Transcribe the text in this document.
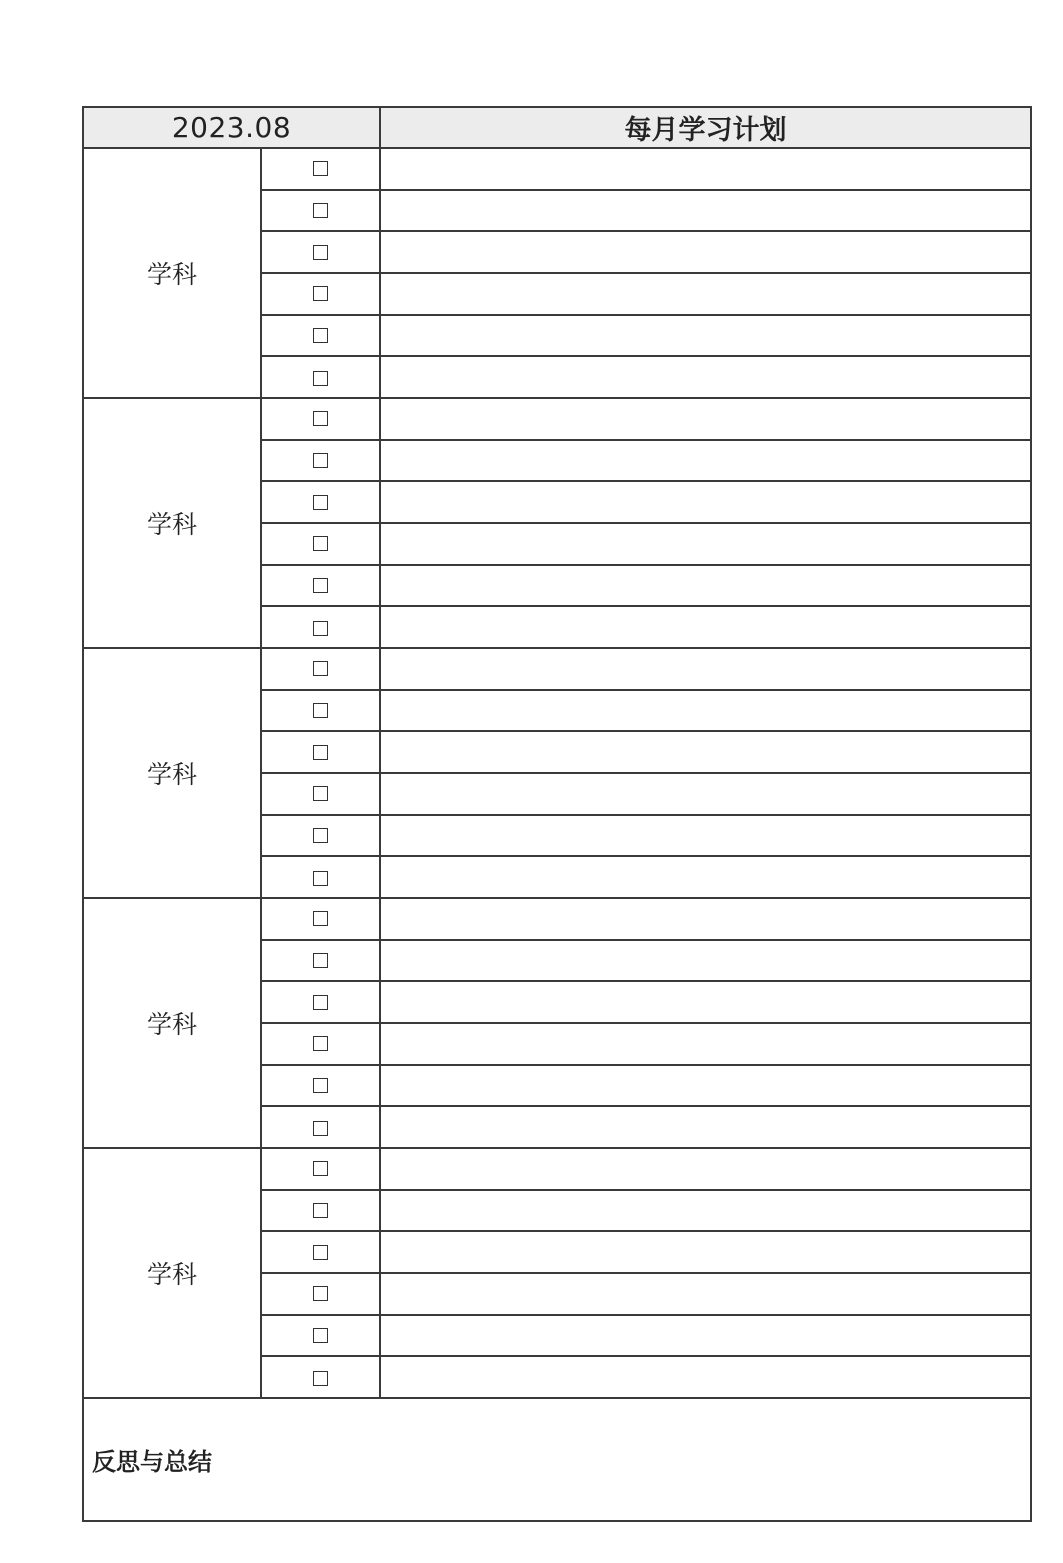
2023.08	每月学习计划
学科
学科
学科
学科
学科
反思与总结
